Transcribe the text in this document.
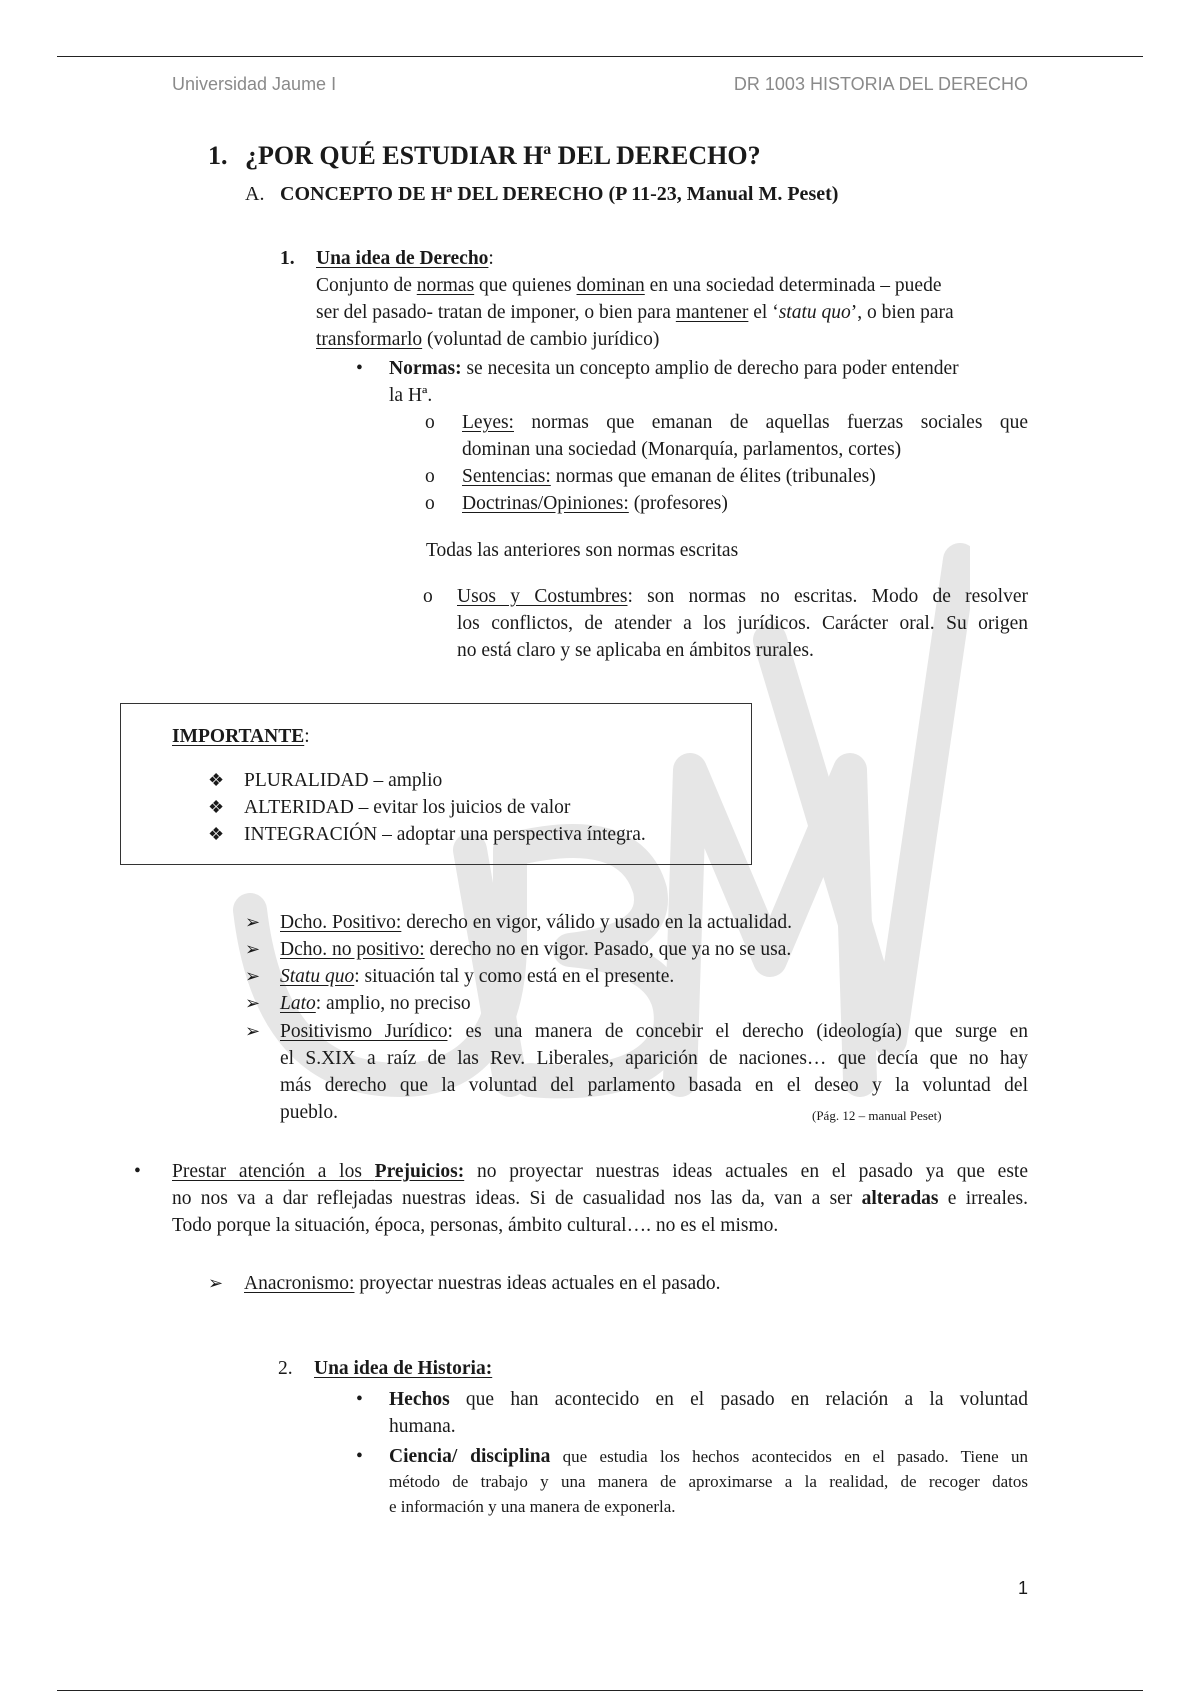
Universidad Jaume I	DR 1003 HISTORIA DEL DERECHO
1. ¿POR QUÉ ESTUDIAR Hª DEL DERECHO?
A. CONCEPTO DE Hª DEL DERECHO (P 11-23, Manual M. Peset)
1. Una idea de Derecho:
Conjunto de normas que quienes dominan en una sociedad determinada – puede
ser del pasado- tratan de imponer, o bien para mantener el ‘statu quo’, o bien para
transformarlo (voluntad de cambio jurídico)
• Normas: se necesita un concepto amplio de derecho para poder entender
la Hª.
o Leyes: normas que emanan de aquellas fuerzas sociales que
dominan una sociedad (Monarquía, parlamentos, cortes)
o Sentencias: normas que emanan de élites (tribunales)
o Doctrinas/Opiniones: (profesores)
Todas las anteriores son normas escritas
o Usos y Costumbres: son normas no escritas. Modo de resolver
los conflictos, de atender a los jurídicos. Carácter oral. Su origen
no está claro y se aplicaba en ámbitos rurales.
IMPORTANTE:
❖ PLURALIDAD – amplio
❖ ALTERIDAD – evitar los juicios de valor
❖ INTEGRACIÓN – adoptar una perspectiva íntegra.
➢ Dcho. Positivo: derecho en vigor, válido y usado en la actualidad.
➢ Dcho. no positivo: derecho no en vigor. Pasado, que ya no se usa.
➢ Statu quo: situación tal y como está en el presente.
➢ Lato: amplio, no preciso
➢ Positivismo Jurídico: es una manera de concebir el derecho (ideología) que surge en
el S.XIX a raíz de las Rev. Liberales, aparición de naciones… que decía que no hay
más derecho que la voluntad del parlamento basada en el deseo y la voluntad del
pueblo.	(Pág. 12 – manual Peset)
• Prestar atención a los Prejuicios: no proyectar nuestras ideas actuales en el pasado ya que este
no nos va a dar reflejadas nuestras ideas. Si de casualidad nos las da, van a ser alteradas e irreales.
Todo porque la situación, época, personas, ámbito cultural…. no es el mismo.
➢ Anacronismo: proyectar nuestras ideas actuales en el pasado.
2. Una idea de Historia:
• Hechos que han acontecido en el pasado en relación a la voluntad
humana.
• Ciencia/ disciplina que estudia los hechos acontecidos en el pasado. Tiene un
método de trabajo y una manera de aproximarse a la realidad, de recoger datos
e información y una manera de exponerla.
1
